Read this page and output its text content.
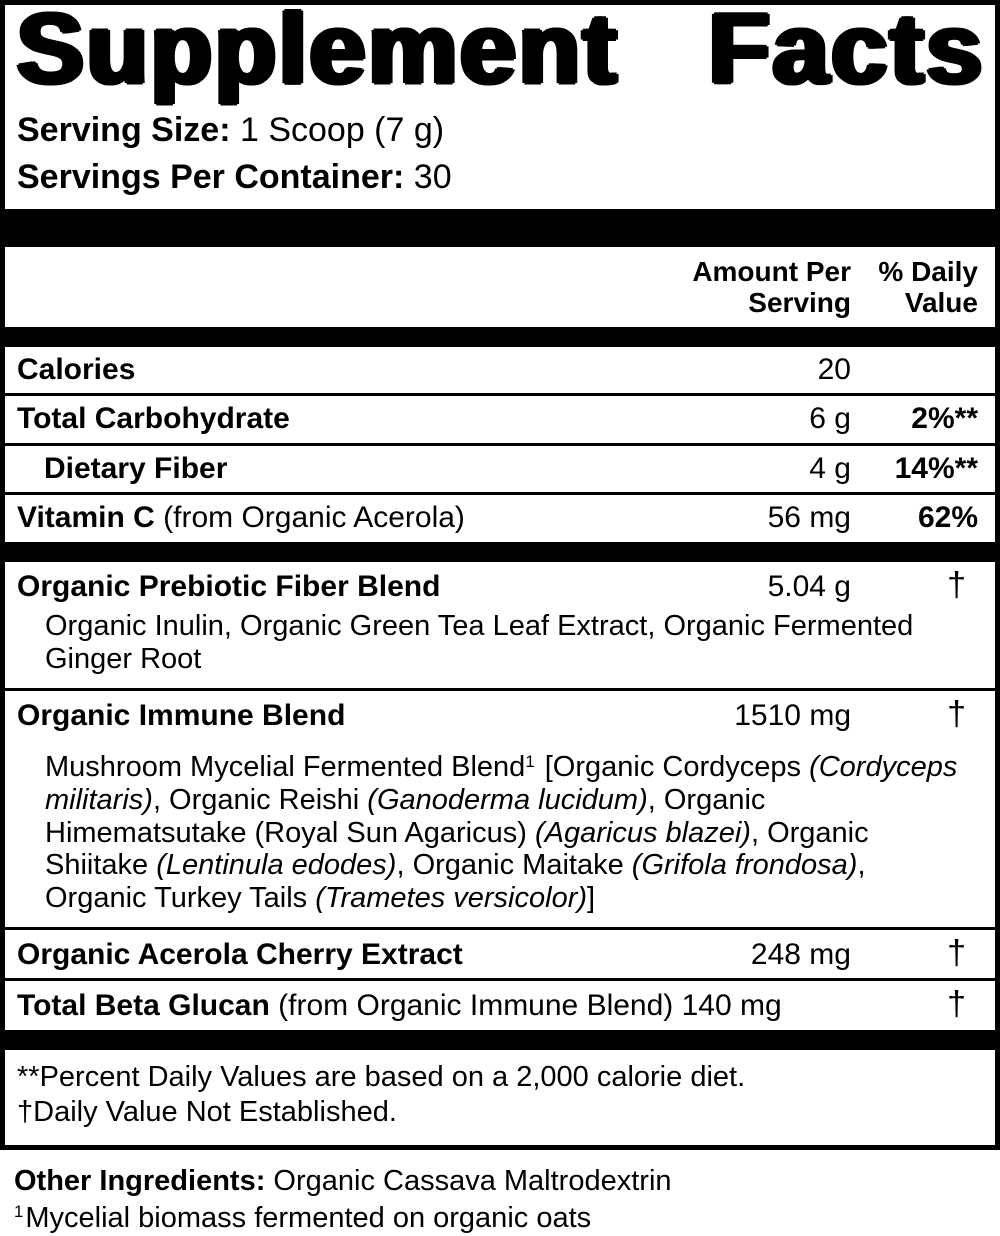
Supplement Facts
Serving Size: 1 Scoop (7 g)
Servings Per Container: 30
Amount Per
Serving
% Daily
Value
Calories	20
Total Carbohydrate	6 g	2%**
Dietary Fiber	4 g	14%**
Vitamin C (from Organic Acerola)	56 mg	62%
Organic Prebiotic Fiber Blend	5.04 g	†
Organic Inulin, Organic Green Tea Leaf Extract, Organic Fermented Ginger Root
Organic Immune Blend	1510 mg	†
Mushroom Mycelial Fermented Blend$^1$ [Organic Cordyceps (Cordyceps militaris), Organic Reishi (Ganoderma lucidum), Organic Himematsutake (Royal Sun Agaricus) (Agaricus blazei), Organic Shiitake (Lentinula edodes), Organic Maitake (Grifola frondosa), Organic Turkey Tails (Trametes versicolor)]
Organic Acerola Cherry Extract	248 mg	†
Total Beta Glucan (from Organic Immune Blend) 140 mg	†
**Percent Daily Values are based on a 2,000 calorie diet.
†Daily Value Not Established.
Other Ingredients: Organic Cassava Maltrodextrin
$^1$Mycelial biomass fermented on organic oats
